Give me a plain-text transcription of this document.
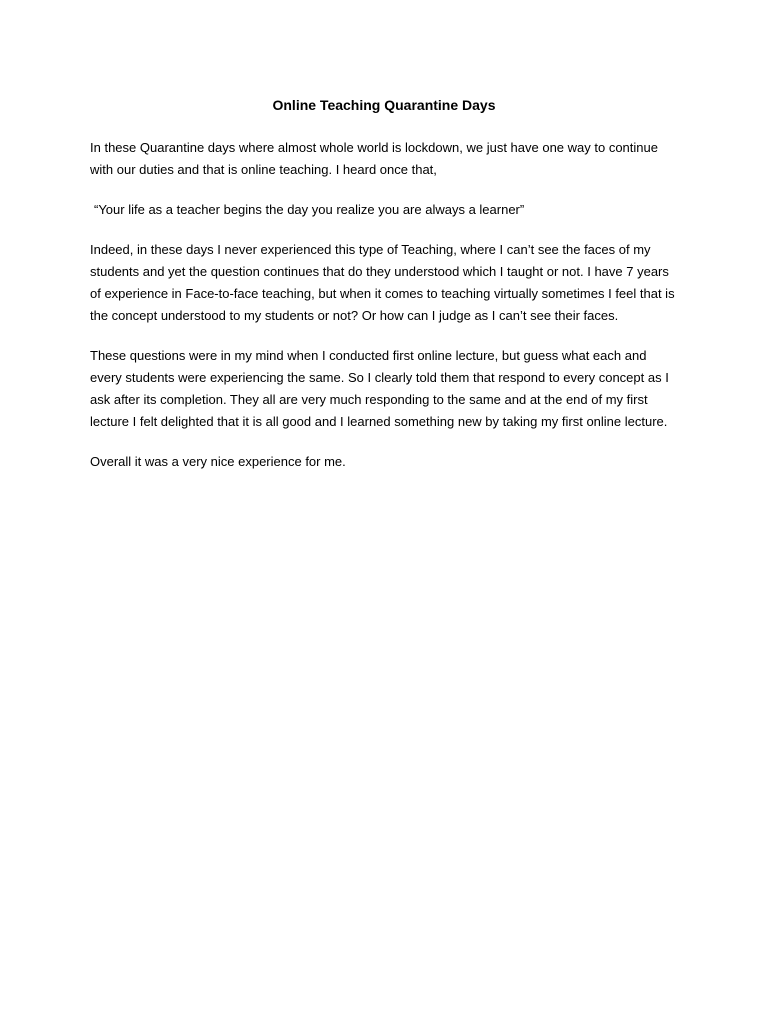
Online Teaching Quarantine Days

In these Quarantine days where almost whole world is lockdown, we just have one way to continue with our duties and that is online teaching. I heard once that,

“Your life as a teacher begins the day you realize you are always a learner”

Indeed, in these days I never experienced this type of Teaching, where I can’t see the faces of my students and yet the question continues that do they understood which I taught or not. I have 7 years of experience in Face-to-face teaching, but when it comes to teaching virtually sometimes I feel that is the concept understood to my students or not? Or how can I judge as I can’t see their faces.

These questions were in my mind when I conducted first online lecture, but guess what each and every students were experiencing the same. So I clearly told them that respond to every concept as I ask after its completion. They all are very much responding to the same and at the end of my first lecture I felt delighted that it is all good and I learned something new by taking my first online lecture.

Overall it was a very nice experience for me.
